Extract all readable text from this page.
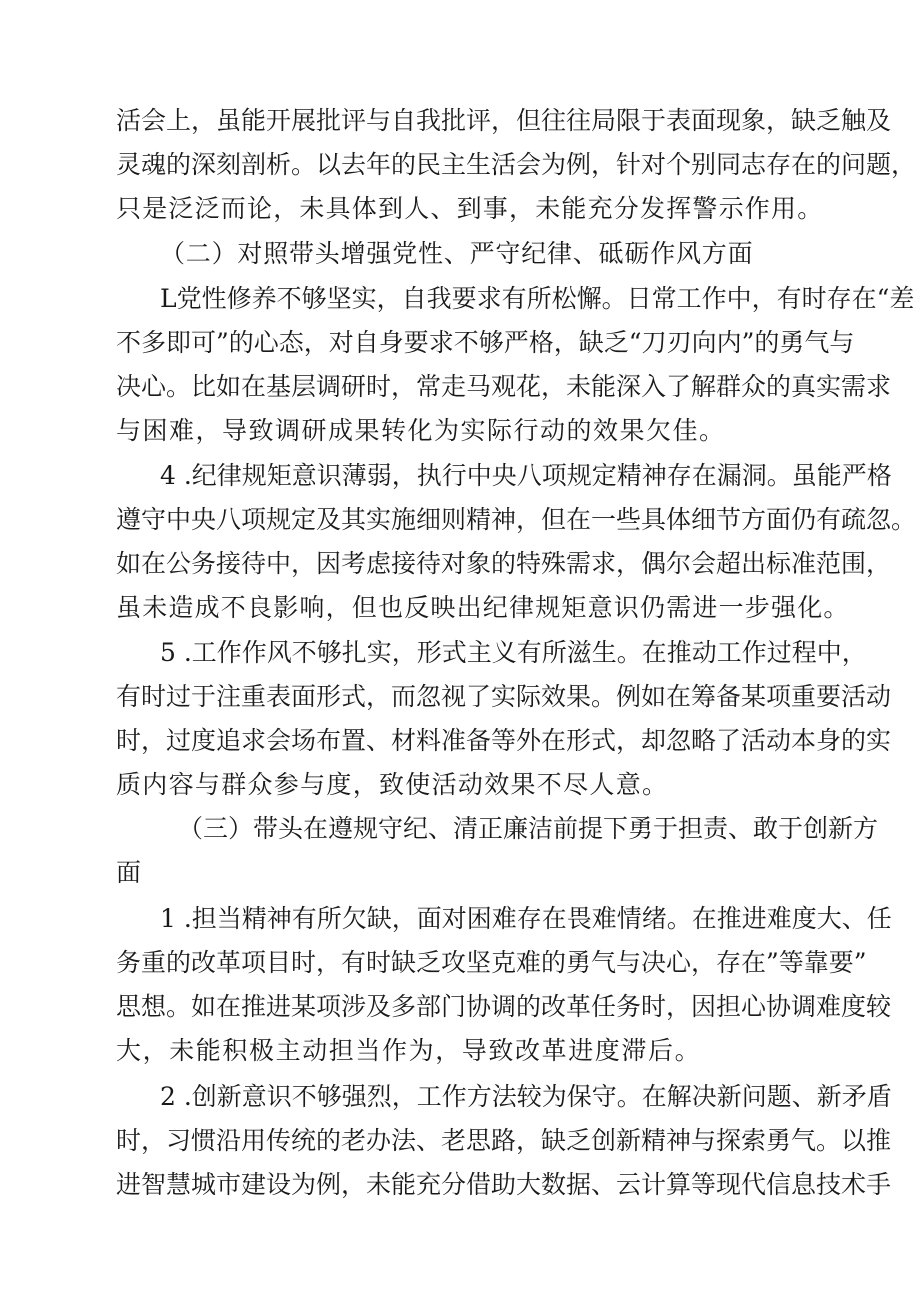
活会上，虽能开展批评与自我批评，但往往局限于表面现象，缺乏触及
灵魂的深刻剖析。以去年的民主生活会为例，针对个别同志存在的问题，
只是泛泛而论，未具体到人、到事，未能充分发挥警示作用。
（二）对照带头增强党性、严守纪律、砥砺作风方面
L党性修养不够坚实，自我要求有所松懈。日常工作中，有时存在“差
不多即可”的心态，对自身要求不够严格，缺乏“刀刃向内”的勇气与
决心。比如在基层调研时，常走马观花，未能深入了解群众的真实需求
与困难，导致调研成果转化为实际行动的效果欠佳。
4 .纪律规矩意识薄弱，执行中央八项规定精神存在漏洞。虽能严格
遵守中央八项规定及其实施细则精神，但在一些具体细节方面仍有疏忽。
如在公务接待中，因考虑接待对象的特殊需求，偶尔会超出标准范围，
虽未造成不良影响，但也反映出纪律规矩意识仍需进一步强化。
5 .工作作风不够扎实，形式主义有所滋生。在推动工作过程中，
有时过于注重表面形式，而忽视了实际效果。例如在筹备某项重要活动
时，过度追求会场布置、材料准备等外在形式，却忽略了活动本身的实
质内容与群众参与度，致使活动效果不尽人意。
（三）带头在遵规守纪、清正廉洁前提下勇于担责、敢于创新方
面
1 .担当精神有所欠缺，面对困难存在畏难情绪。在推进难度大、任
务重的改革项目时，有时缺乏攻坚克难的勇气与决心，存在”等靠要”
思想。如在推进某项涉及多部门协调的改革任务时，因担心协调难度较
大，未能积极主动担当作为，导致改革进度滞后。
2 .创新意识不够强烈，工作方法较为保守。在解决新问题、新矛盾
时，习惯沿用传统的老办法、老思路，缺乏创新精神与探索勇气。以推
进智慧城市建设为例，未能充分借助大数据、云计算等现代信息技术手
